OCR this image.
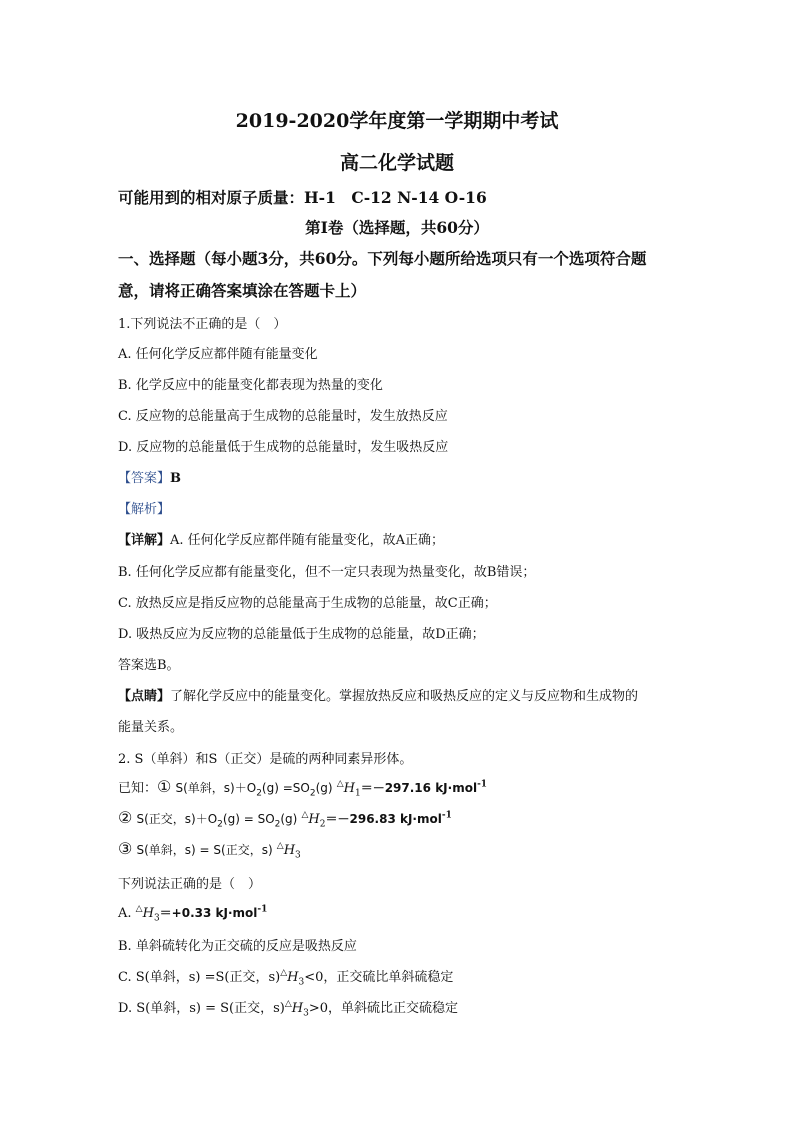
2019-2020学年度第一学期期中考试
高二化学试题
可能用到的相对原子质量：H-1　C-12 N-14 O-16
第Ⅰ卷（选择题，共60分）
一、选择题（每小题3分，共60分。下列每小题所给选项只有一个选项符合题
意，请将正确答案填涂在答题卡上）
1.下列说法不正确的是（　）
A. 任何化学反应都伴随有能量变化
B. 化学反应中的能量变化都表现为热量的变化
C. 反应物的总能量高于生成物的总能量时，发生放热反应
D. 反应物的总能量低于生成物的总能量时，发生吸热反应
【答案】B
【解析】
【详解】A. 任何化学反应都伴随有能量变化，故A正确；
B. 任何化学反应都有能量变化，但不一定只表现为热量变化，故B错误；
C. 放热反应是指反应物的总能量高于生成物的总能量，故C正确；
D. 吸热反应为反应物的总能量低于生成物的总能量，故D正确；
答案选B。
【点睛】了解化学反应中的能量变化。掌握放热反应和吸热反应的定义与反应物和生成物的
能量关系。
2. S（单斜）和S（正交）是硫的两种同素异形体。
已知：① S(单斜，$s)+O_2(g) =SO_2(g)$ $^\triangle H_1=-297.16$ kJ·mol$^{-1}$
② S(正交，$s)+O_2(g) = SO_2(g)$ $^\triangle H_2=-296.83$ kJ·mol$^{-1}$
③ S(单斜，s) = S(正交，s) $^\triangle H_3$
下列说法正确的是（　）
A. $^\triangle H_3=+0.33$ kJ·mol$^{-1}$
B. 单斜硫转化为正交硫的反应是吸热反应
C. S(单斜，s) =S(正交，$s)^\triangle H_3<0$，正交硫比单斜硫稳定
D. S(单斜，s) = S(正交，$s)^\triangle H_3>0$，单斜硫比正交硫稳定
